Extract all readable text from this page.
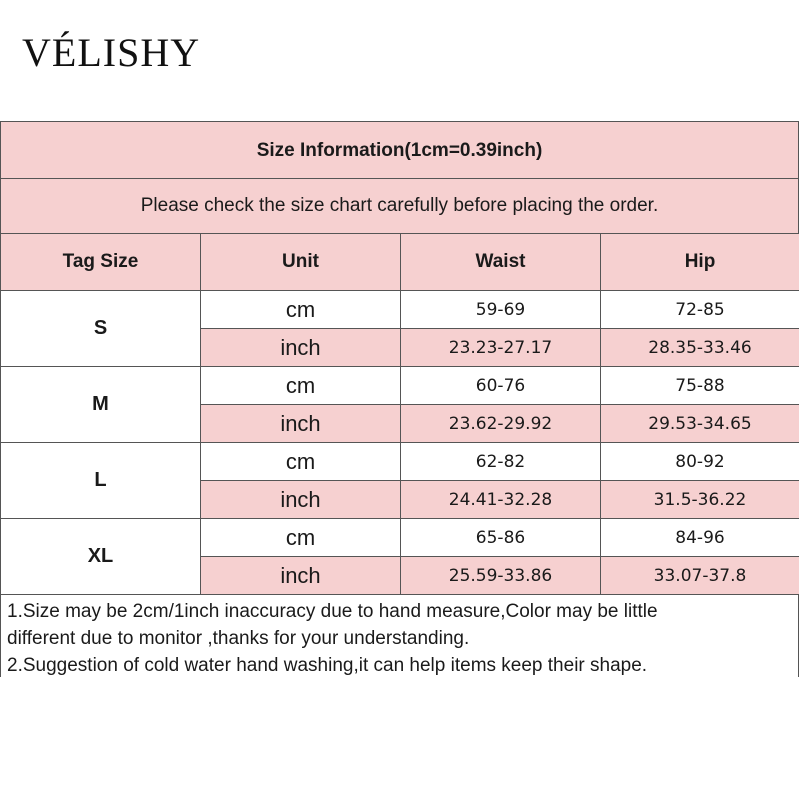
VÉLISHY
Size Information(1cm=0.39inch)
Please check the size chart carefully before placing the order.
Tag Size	Unit	Waist	Hip
S
cm	59-69	72-85
inch	23.23-27.17	28.35-33.46
M
cm	60-76	75-88
inch	23.62-29.92	29.53-34.65
L
cm	62-82	80-92
inch	24.41-32.28	31.5-36.22
XL
cm	65-86	84-96
inch	25.59-33.86	33.07-37.8
1.Size may be 2cm/1inch inaccuracy due to hand measure,Color may be little
different due to monitor ,thanks for your understanding.
2.Suggestion of cold water hand washing,it can help items keep their shape.
